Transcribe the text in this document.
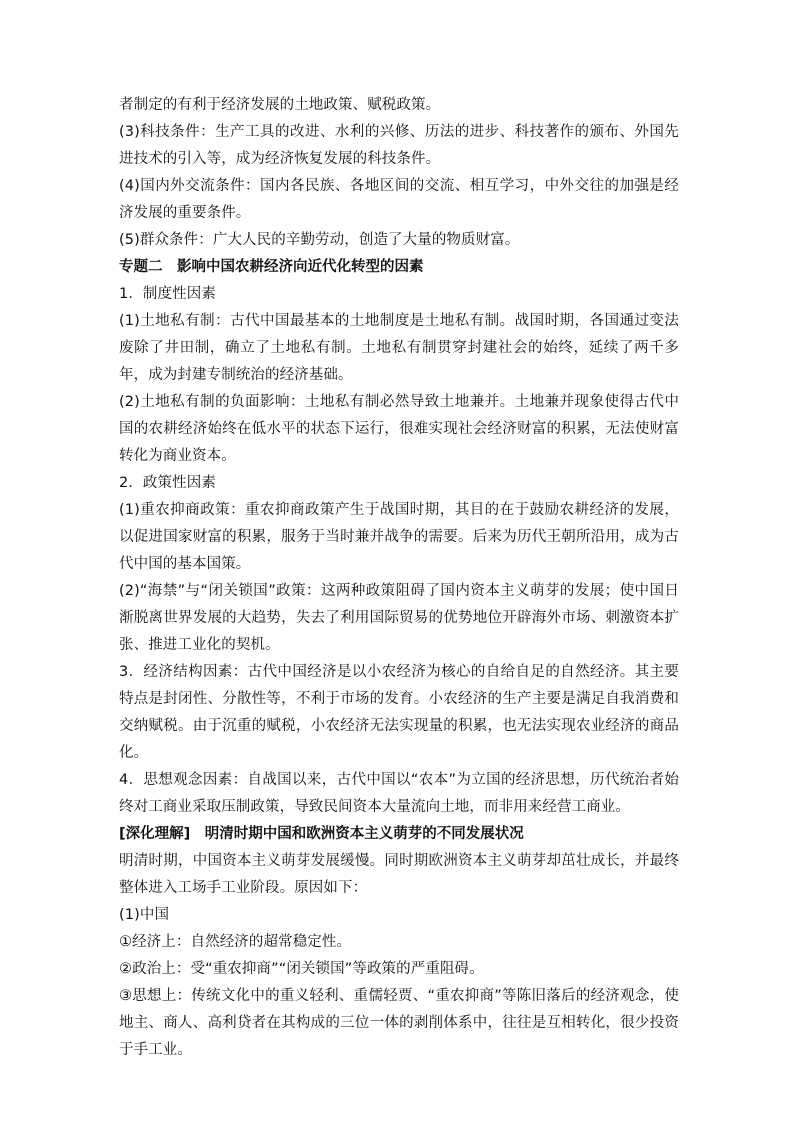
者制定的有利于经济发展的土地政策、赋税政策。

(3)科技条件：生产工具的改进、水利的兴修、历法的进步、科技著作的颁布、外国先进技术的引入等，成为经济恢复发展的科技条件。

(4)国内外交流条件：国内各民族、各地区间的交流、相互学习，中外交往的加强是经济发展的重要条件。

(5)群众条件：广大人民的辛勤劳动，创造了大量的物质财富。

专题二　影响中国农耕经济向近代化转型的因素

1．制度性因素

(1)土地私有制：古代中国最基本的土地制度是土地私有制。战国时期，各国通过变法废除了井田制，确立了土地私有制。土地私有制贯穿封建社会的始终，延续了两千多年，成为封建专制统治的经济基础。

(2)土地私有制的负面影响：土地私有制必然导致土地兼并。土地兼并现象使得古代中国的农耕经济始终在低水平的状态下运行，很难实现社会经济财富的积累，无法使财富转化为商业资本。

2．政策性因素

(1)重农抑商政策：重农抑商政策产生于战国时期，其目的在于鼓励农耕经济的发展，以促进国家财富的积累，服务于当时兼并战争的需要。后来为历代王朝所沿用，成为古代中国的基本国策。

(2)“海禁”与“闭关锁国”政策：这两种政策阻碍了国内资本主义萌芽的发展；使中国日渐脱离世界发展的大趋势，失去了利用国际贸易的优势地位开辟海外市场、刺激资本扩张、推进工业化的契机。

3．经济结构因素：古代中国经济是以小农经济为核心的自给自足的自然经济。其主要特点是封闭性、分散性等，不利于市场的发育。小农经济的生产主要是满足自我消费和交纳赋税。由于沉重的赋税，小农经济无法实现量的积累，也无法实现农业经济的商品化。

4．思想观念因素：自战国以来，古代中国以“农本”为立国的经济思想，历代统治者始终对工商业采取压制政策，导致民间资本大量流向土地，而非用来经营工商业。

[深化理解]　明清时期中国和欧洲资本主义萌芽的不同发展状况

明清时期，中国资本主义萌芽发展缓慢。同时期欧洲资本主义萌芽却茁壮成长，并最终整体进入工场手工业阶段。原因如下：

(1)中国

①经济上：自然经济的超常稳定性。

②政治上：受“重农抑商”“闭关锁国”等政策的严重阻碍。

③思想上：传统文化中的重义轻利、重儒轻贾、“重农抑商”等陈旧落后的经济观念，使地主、商人、高利贷者在其构成的三位一体的剥削体系中，往往是互相转化，很少投资于手工业。
